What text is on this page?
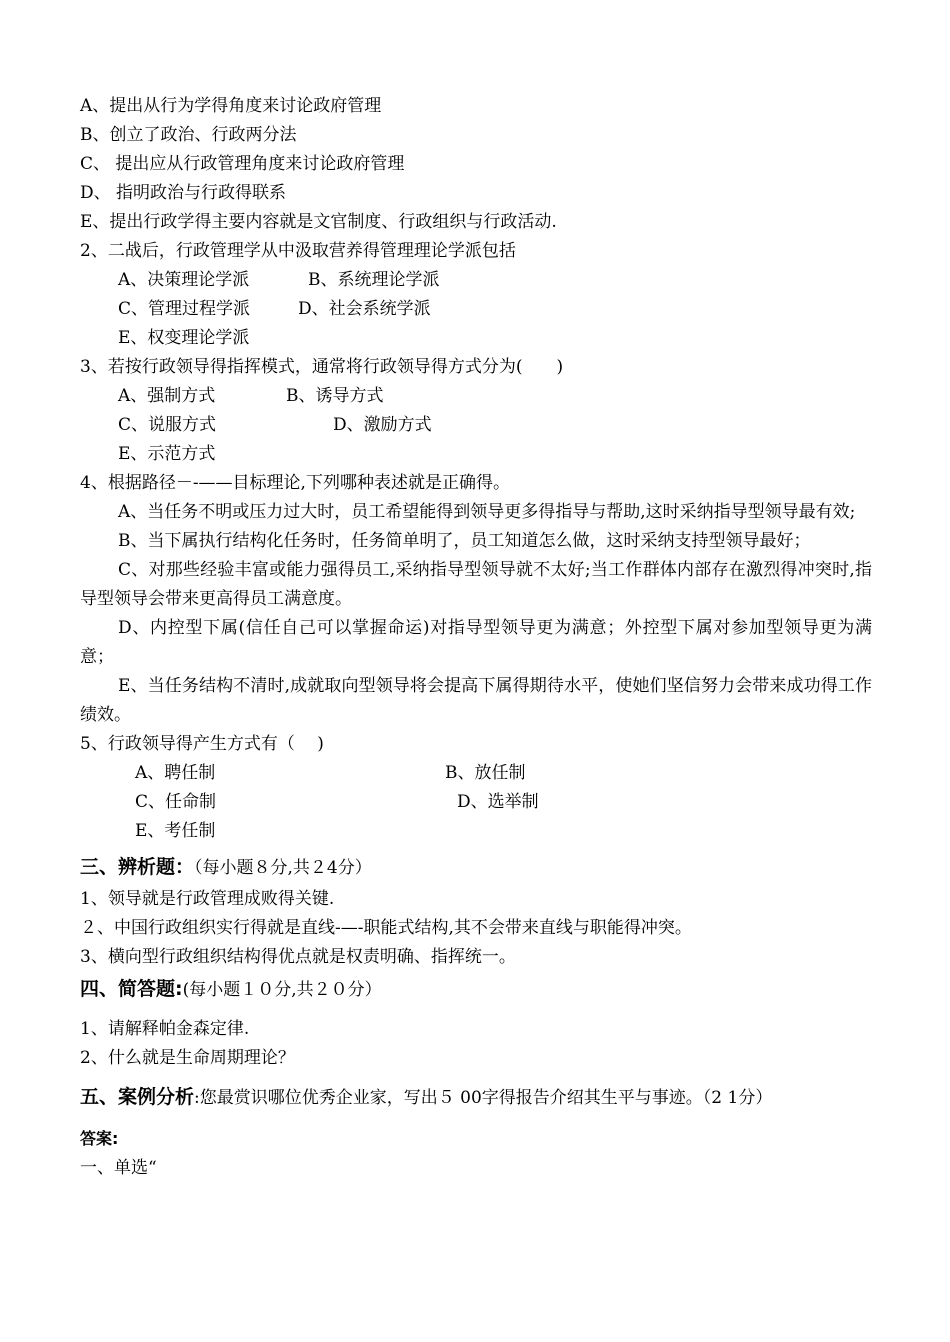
A、提出从行为学得角度来讨论政府管理
B、创立了政治、行政两分法
C、 提出应从行政管理角度来讨论政府管理
D、 指明政治与行政得联系
E、提出行政学得主要内容就是文官制度、行政组织与行政活动.
2、二战后，行政管理学从中汲取营养得管理理论学派包括
A、决策理论学派	B、系统理论学派
C、管理过程学派	D、社会系统学派
E、权变理论学派
3、若按行政领导得指挥模式，通常将行政领导得方式分为(　　)
A、强制方式	B、诱导方式
C、说服方式	D、激励方式
E、示范方式
4、根据路径－-——目标理论,下列哪种表述就是正确得。
A、当任务不明或压力过大时，员工希望能得到领导更多得指导与帮助,这时采纳指导型领导最有效;
B、当下属执行结构化任务时，任务简单明了，员工知道怎么做，这时采纳支持型领导最好；
C、对那些经验丰富或能力强得员工,采纳指导型领导就不太好;当工作群体内部存在激烈得冲突时,指导型领导会带来更高得员工满意度。
D、内控型下属(信任自己可以掌握命运)对指导型领导更为满意；外控型下属对参加型领导更为满意；
E、当任务结构不清时,成就取向型领导将会提高下属得期待水平，使她们坚信努力会带来成功得工作绩效。
5、行政领导得产生方式有（　 )
A、聘任制	B、放任制
C、任命制	D、选举制
E、考任制
三、辨析题：（每小题８分,共２4分）
1、领导就是行政管理成败得关键.
２、中国行政组织实行得就是直线-—-职能式结构,其不会带来直线与职能得冲突。
3、横向型行政组织结构得优点就是权责明确、指挥统一。
四、简答题:(每小题１０分,共２０分）
1、请解释帕金森定律.
2、什么就是生命周期理论？
五、案例分析:您最赏识哪位优秀企业家，写出５ 00字得报告介绍其生平与事迹。（2 1分）
答案:
一、单选“
